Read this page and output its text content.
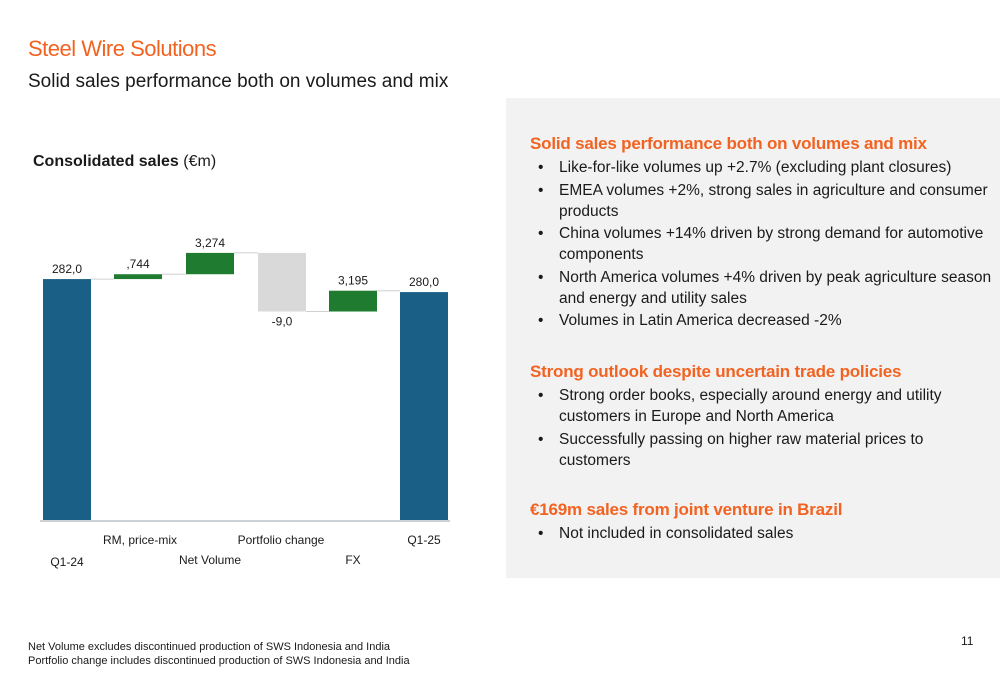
Steel Wire Solutions
Solid sales performance both on volumes and mix
Consolidated sales (€m)
282,0
Q1-24
,744
RM, price-mix
3,274
Net Volume
-9,0
Portfolio change
3,195
FX
280,0
Q1-25
Solid sales performance both on volumes and mix
• Like-for-like volumes up +2.7% (excluding plant closures)
• EMEA volumes +2%, strong sales in agriculture and consumer products
• China volumes +14% driven by strong demand for automotive components
• North America volumes +4% driven by peak agriculture season and energy and utility sales
• Volumes in Latin America decreased -2%
Strong outlook despite uncertain trade policies
• Strong order books, especially around energy and utility customers in Europe and North America
• Successfully passing on higher raw material prices to customers
€169m sales from joint venture in Brazil
• Not included in consolidated sales
Net Volume excludes discontinued production of SWS Indonesia and India
Portfolio change includes discontinued production of SWS Indonesia and India
11
